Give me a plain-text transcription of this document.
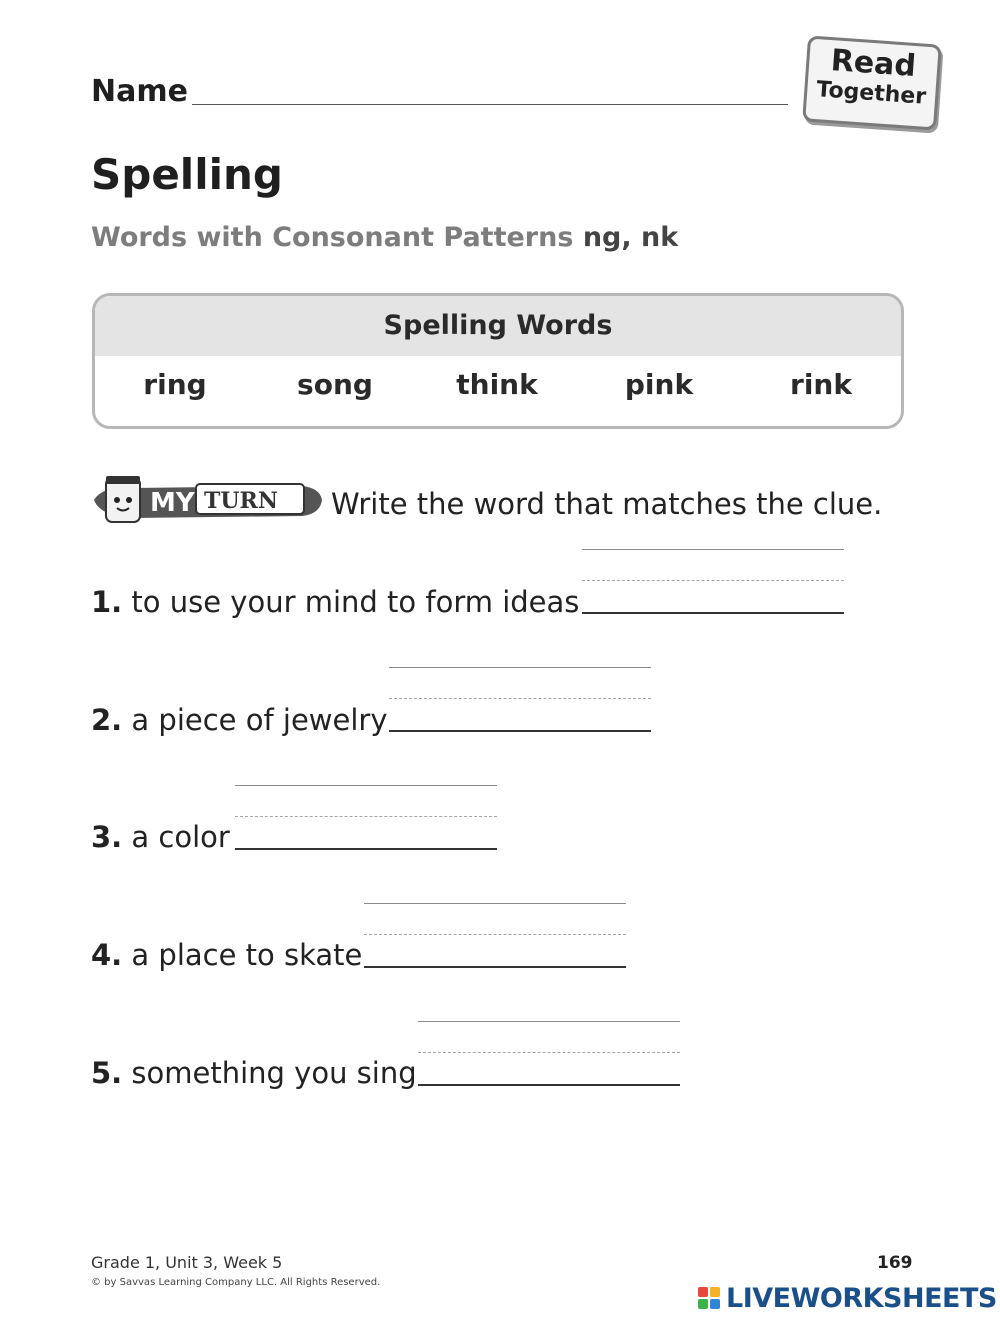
Name
Read
Together
Spelling
Words with Consonant Patterns ng, nk
Spelling Words
ring	song	think	pink	rink
MY TURN Write the word that matches the clue.
1. to use your mind to form ideas
2. a piece of jewelry
3. a color
4. a place to skate
5. something you sing
Grade 1, Unit 3, Week 5
© by Savvas Learning Company LLC. All Rights Reserved.
169
LIVEWORKSHEETS
